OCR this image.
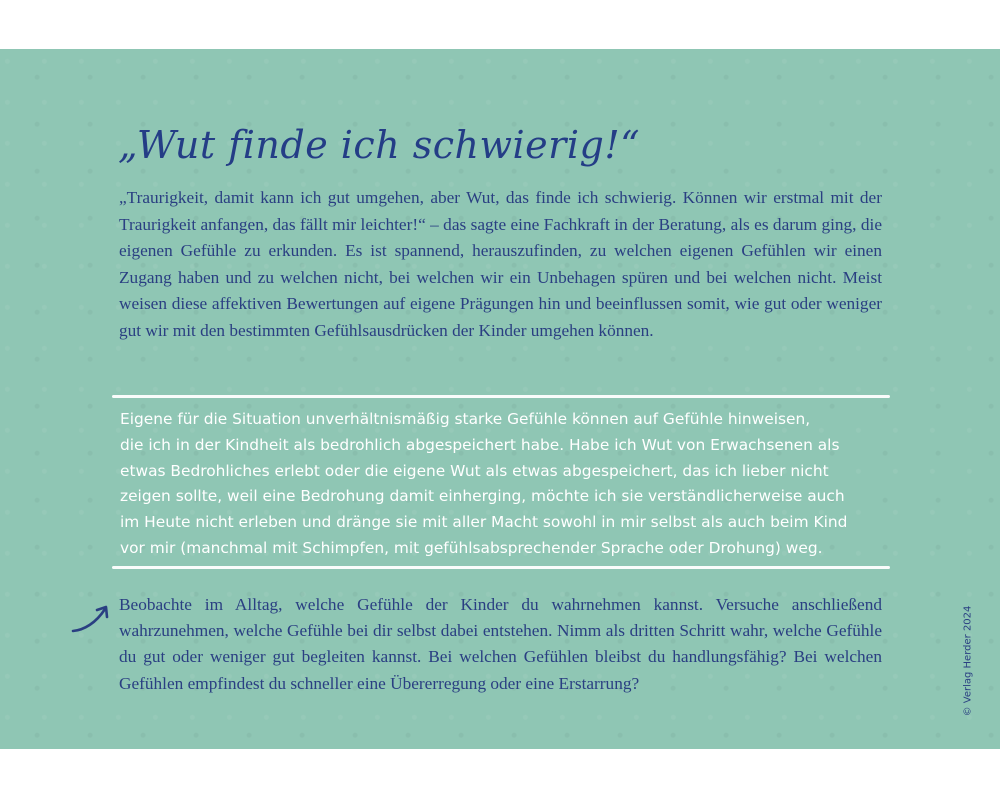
„Wut finde ich schwierig!“

„Traurigkeit, damit kann ich gut umgehen, aber Wut, das finde ich schwierig. Können wir erstmal mit der Traurigkeit anfangen, das fällt mir leichter!“ – das sagte eine Fachkraft in der Beratung, als es darum ging, die eigenen Gefühle zu erkunden. Es ist spannend, herauszufinden, zu welchen eigenen Gefühlen wir einen Zugang haben und zu welchen nicht, bei welchen wir ein Unbehagen spüren und bei welchen nicht. Meist weisen diese affektiven Bewertungen auf eigene Prägungen hin und beeinflussen somit, wie gut oder weniger gut wir mit den bestimmten Gefühlsausdrücken der Kinder umgehen können.

Eigene für die Situation unverhältnismäßig starke Gefühle können auf Gefühle hinweisen,
die ich in der Kindheit als bedrohlich abgespeichert habe. Habe ich Wut von Erwachsenen als
etwas Bedrohliches erlebt oder die eigene Wut als etwas abgespeichert, das ich lieber nicht
zeigen sollte, weil eine Bedrohung damit einherging, möchte ich sie verständlicherweise auch
im Heute nicht erleben und dränge sie mit aller Macht sowohl in mir selbst als auch beim Kind
vor mir (manchmal mit Schimpfen, mit gefühlsabsprechender Sprache oder Drohung) weg.

Beobachte im Alltag, welche Gefühle der Kinder du wahrnehmen kannst. Versuche anschließend wahrzunehmen, welche Gefühle bei dir selbst dabei entstehen. Nimm als dritten Schritt wahr, welche Gefühle du gut oder weniger gut begleiten kannst. Bei welchen Gefühlen bleibst du handlungsfähig? Bei welchen Gefühlen empfindest du schneller eine Übererregung oder eine Erstarrung?	© Verlag Herder 2024
